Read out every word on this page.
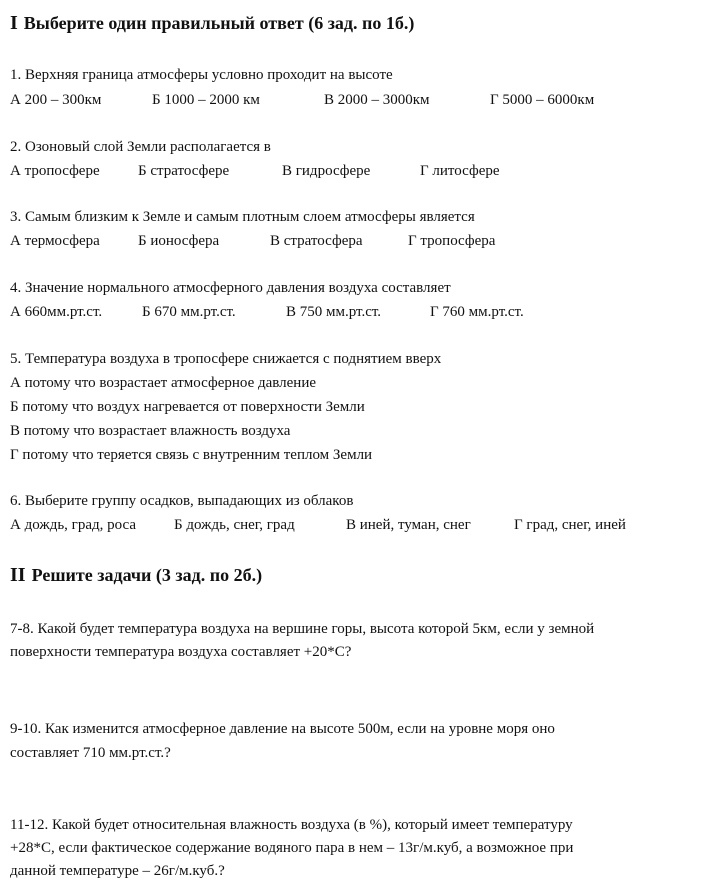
I Выберите один правильный ответ (6 зад. по 1б.)
1. Верхняя граница атмосферы условно проходит на высоте
А 200 – 300км	Б 1000 – 2000 км	В 2000 – 3000км	Г 5000 – 6000км
2. Озоновый слой Земли располагается в
А тропосфере	Б стратосфере	В гидросфере	Г литосфере
3. Самым близким к Земле и самым плотным слоем атмосферы является
А термосфера	Б ионосфера	В стратосфера	Г тропосфера
4. Значение нормального атмосферного давления воздуха составляет
А 660мм.рт.ст.	Б 670 мм.рт.ст.	В 750 мм.рт.ст.	Г 760 мм.рт.ст.
5. Температура воздуха в тропосфере снижается с поднятием вверх
А потому что возрастает атмосферное давление
Б потому что воздух нагревается от поверхности Земли
В потому что возрастает влажность воздуха
Г потому что теряется связь с внутренним теплом Земли
6. Выберите группу осадков, выпадающих из облаков
А дождь, град, роса	Б дождь, снег, град	В иней, туман, снег	Г град, снег, иней
II Решите задачи (3 зад. по 2б.)
7-8. Какой будет температура воздуха на вершине горы, высота которой 5км, если у земной
поверхности температура воздуха составляет +20*С?
9-10. Как изменится атмосферное давление на высоте 500м, если на уровне моря оно
составляет 710 мм.рт.ст.?
11-12. Какой будет относительная влажность воздуха (в %), который имеет температуру
+28*С, если фактическое содержание водяного пара в нем – 13г/м.куб, а возможное при
данной температуре – 26г/м.куб.?
